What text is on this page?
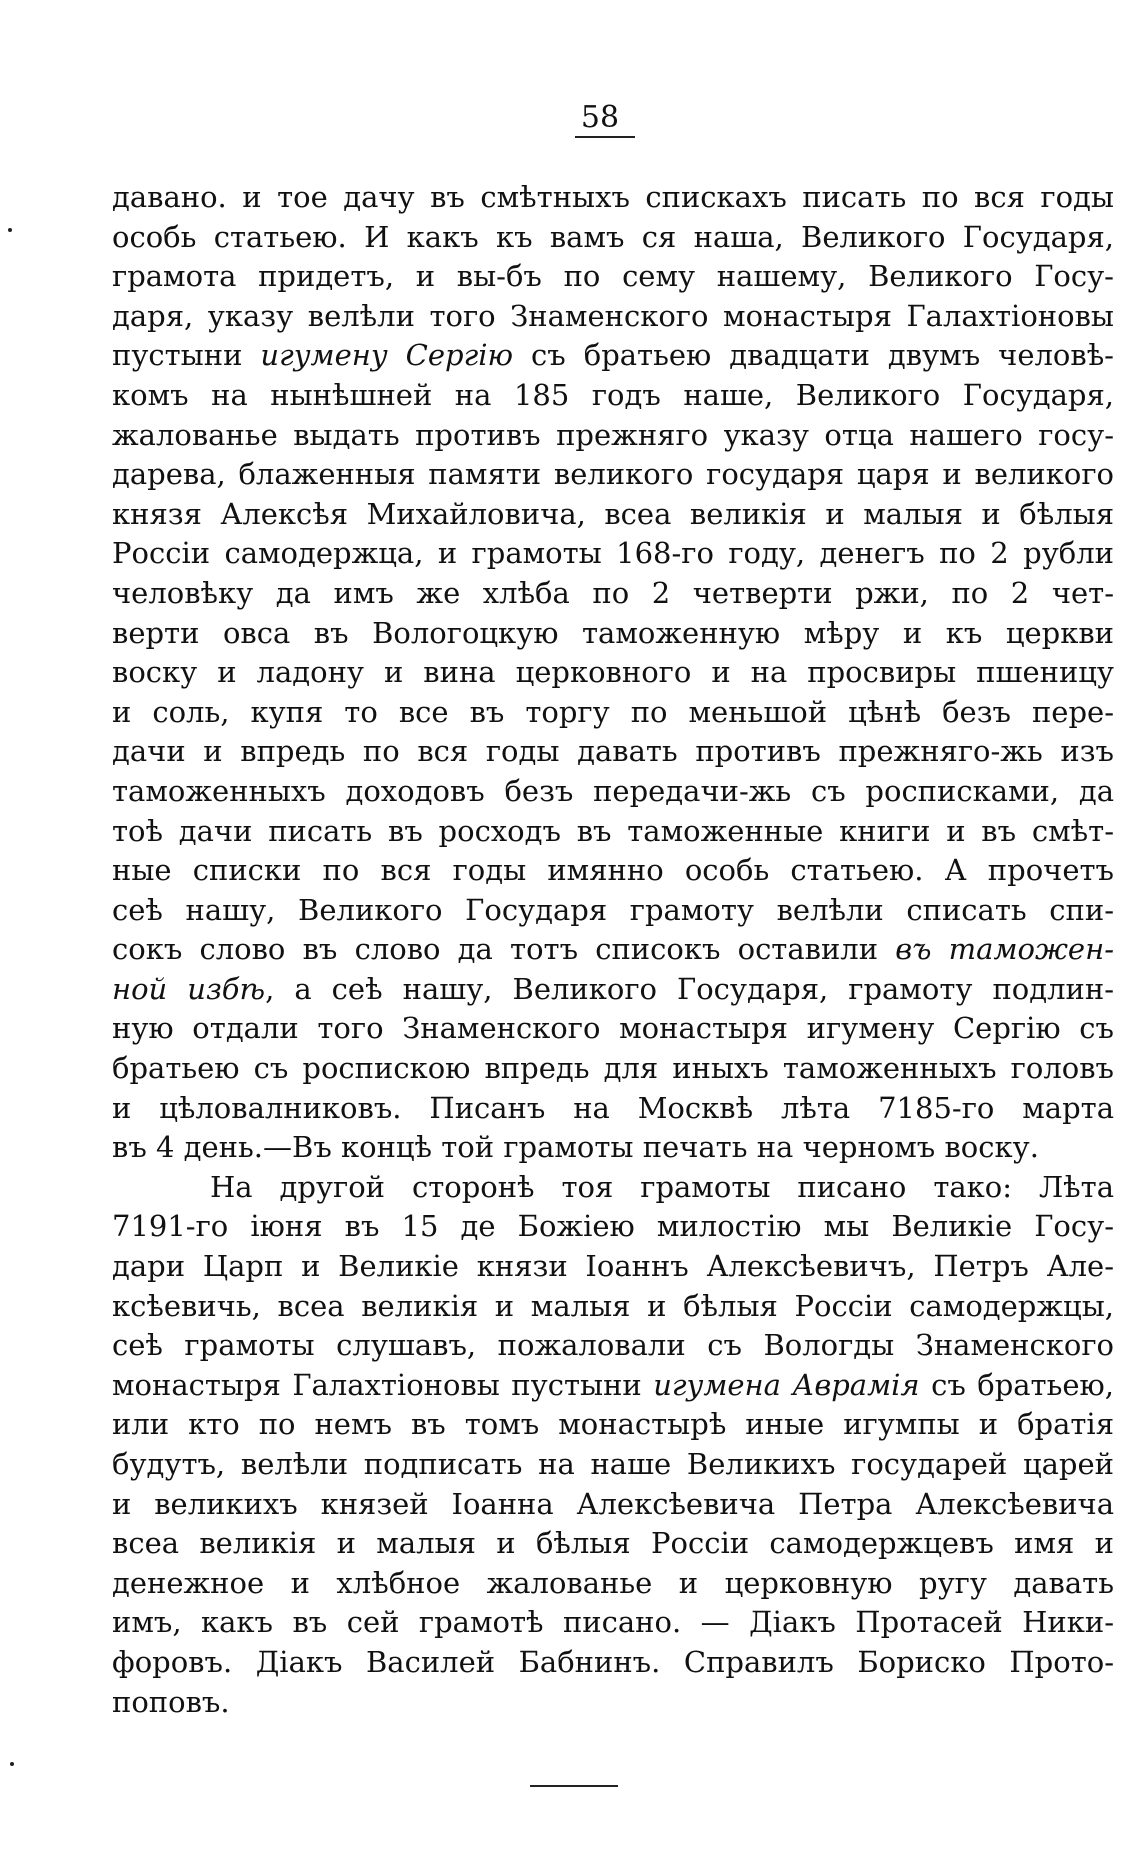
58
давано. и тое дачу въ смѣтныхъ спискахъ писать по вся годы
особь статьею. И какъ къ вамъ ся наша, Великого Государя,
грамота придетъ, и вы-бъ по сему нашему, Великого Госу-
даря, указу велѣли того Знаменского монастыря Галахтіоновы
пустыни игумену Сергію съ братьею двадцати двумъ человѣ-
комъ на нынѣшней на 185 годъ наше, Великого Государя,
жалованье выдать противъ прежняго указу отца нашего госу-
дарева, блаженныя памяти великого государя царя и великого
князя Алексѣя Михайловича, всеа великія и малыя и бѣлыя
Россіи самодержца, и грамоты 168-го году, денегъ по 2 рубли
человѣку да имъ же хлѣба по 2 четверти ржи, по 2 чет-
верти овса въ Вологоцкую таможенную мѣру и къ церкви
воску и ладону и вина церковного и на просвиры пшеницу
и соль, купя то все въ торгу по меньшой цѣнѣ безъ пере-
дачи и впредь по вся годы давать противъ прежняго-жь изъ
таможенныхъ доходовъ безъ передачи-жь съ росписками, да
тоѣ дачи писать въ росходъ въ таможенные книги и въ смѣт-
ные списки по вся годы имянно особь статьею. А прочетъ
сеѣ нашу, Великого Государя грамоту велѣли списать спи-
сокъ слово въ слово да тотъ списокъ оставили въ таможен-
ной избѣ, а сеѣ нашу, Великого Государя, грамоту подлин-
ную отдали того Знаменского монастыря игумену Сергію съ
братьею съ роспискою впредь для иныхъ таможенныхъ головъ
и цѣловалниковъ. Писанъ на Москвѣ лѣта 7185-го марта
въ 4 день.—Въ концѣ той грамоты печать на черномъ воску.
На другой сторонѣ тоя грамоты писано тако: Лѣта
7191-го іюня въ 15 де Божіею милостію мы Великіе Госу-
дари Царп и Великіе князи Іоаннъ Алексѣевичъ, Петръ Але-
ксѣевичь, всеа великія и малыя и бѣлыя Россіи самодержцы,
сеѣ грамоты слушавъ, пожаловали съ Вологды Знаменского
монастыря Галахтіоновы пустыни игумена Аврамія съ братьею,
или кто по немъ въ томъ монастырѣ иные игумпы и братія
будутъ, велѣли подписать на наше Великихъ государей царей
и великихъ князей Іоанна Алексѣевича Петра Алексѣевича
всеа великія и малыя и бѣлыя Россіи самодержцевъ имя и
денежное и хлѣбное жалованье и церковную ругу давать
имъ, какъ въ сей грамотѣ писано. — Діакъ Протасей Ники-
форовъ. Діакъ Василей Бабнинъ. Справилъ Бориско Прото-
поповъ.
